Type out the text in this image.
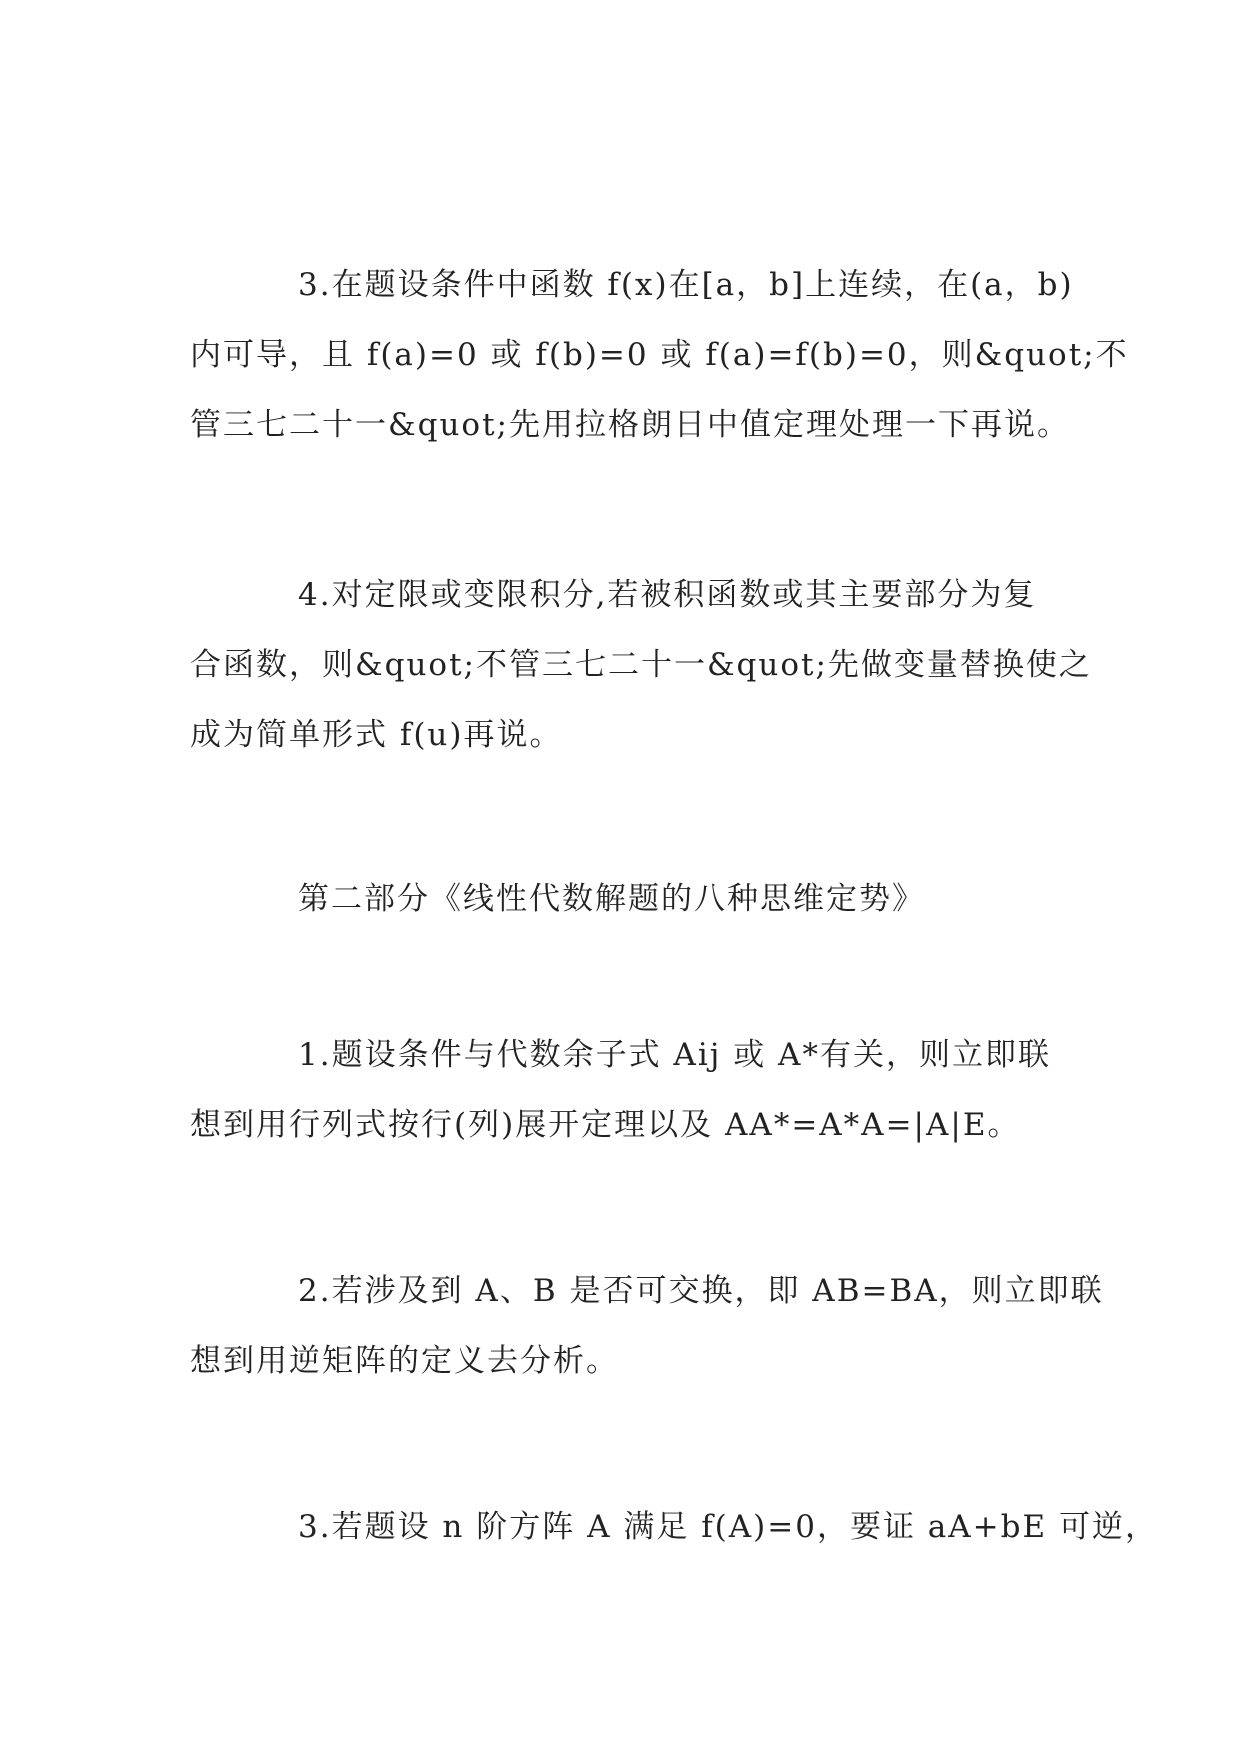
3.在题设条件中函数 f(x)在[a，b]上连续，在(a，b)
内可导，且 f(a)=0 或 f(b)=0 或 f(a)=f(b)=0，则&quot;不
管三七二十一&quot;先用拉格朗日中值定理处理一下再说。

4.对定限或变限积分,若被积函数或其主要部分为复
合函数，则&quot;不管三七二十一&quot;先做变量替换使之
成为简单形式 f(u)再说。

第二部分《线性代数解题的八种思维定势》

1.题设条件与代数余子式 Aij 或 A*有关，则立即联
想到用行列式按行(列)展开定理以及 AA*=A*A=|A|E。

2.若涉及到 A、B 是否可交换，即 AB=BA，则立即联
想到用逆矩阵的定义去分析。

3.若题设 n 阶方阵 A 满足 f(A)=0，要证 aA+bE 可逆，
